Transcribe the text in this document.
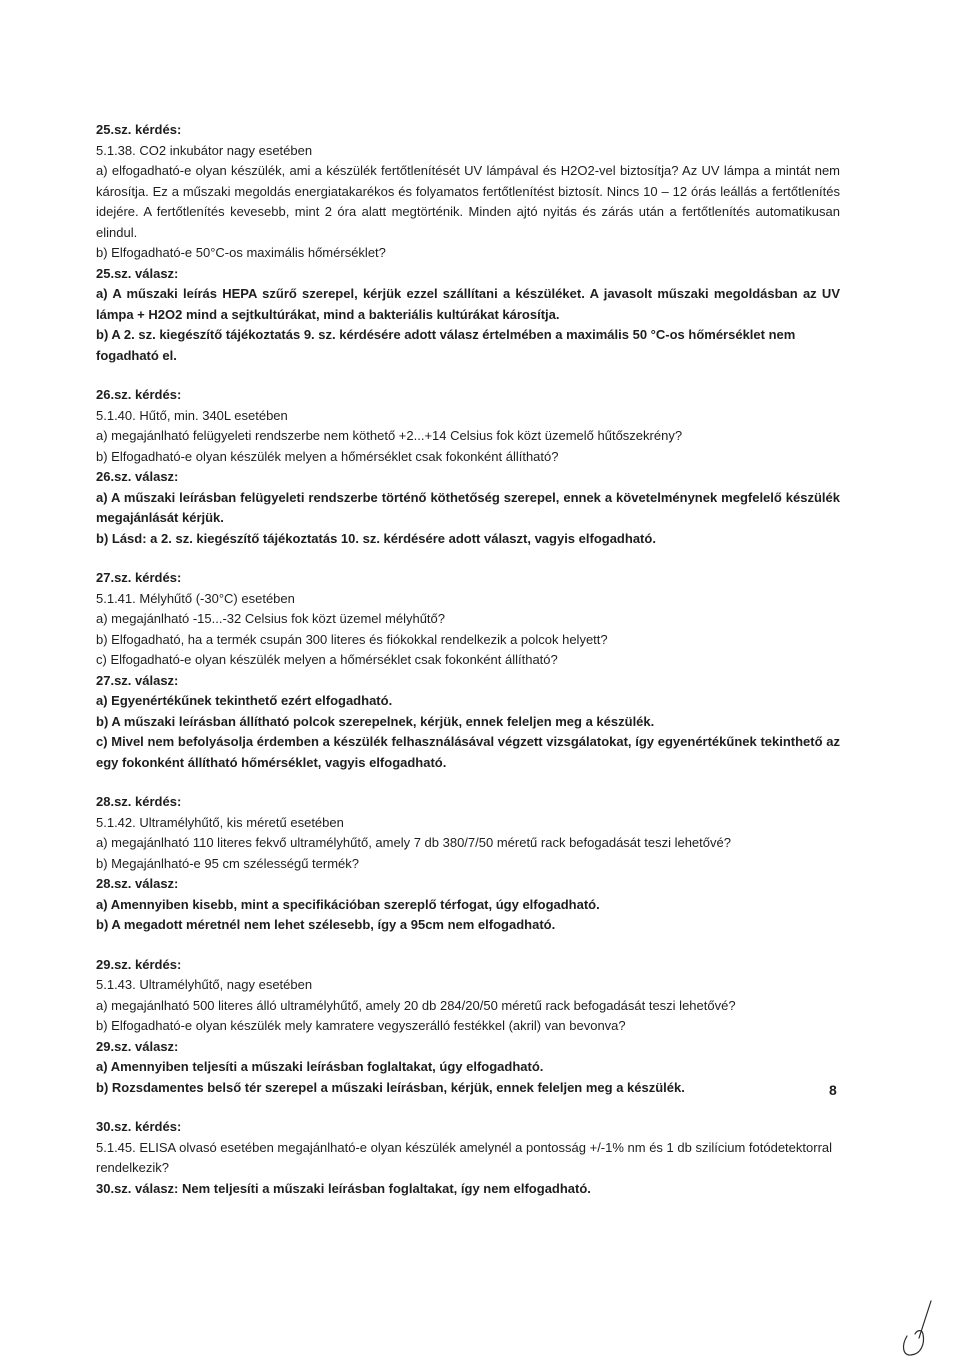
25.sz. kérdés:
5.1.38. CO2 inkubátor nagy esetében
a) elfogadható-e olyan készülék, ami a készülék fertőtlenítését UV lámpával és H2O2-vel biztosítja? Az UV lámpa a mintát nem károsítja. Ez a műszaki megoldás energiatakarékos és folyamatos fertőtlenítést biztosít. Nincs 10 – 12 órás leállás a fertőtlenítés idejére. A fertőtlenítés kevesebb, mint 2 óra alatt megtörténik. Minden ajtó nyitás és zárás után a fertőtlenítés automatikusan elindul.
b) Elfogadható-e 50°C-os maximális hőmérséklet?
25.sz. válasz:
a) A műszaki leírás HEPA szűrő szerepel, kérjük ezzel szállítani a készüléket. A javasolt műszaki megoldásban az UV lámpa + H2O2 mind a sejtkultúrákat, mind a bakteriális kultúrákat károsítja.
b) A 2. sz. kiegészítő tájékoztatás 9. sz. kérdésére adott válasz értelmében a maximális 50 °C-os hőmérséklet nem fogadható el.
26.sz. kérdés:
5.1.40. Hűtő, min. 340L esetében
a) megajánlható felügyeleti rendszerbe nem köthető +2...+14 Celsius fok közt üzemelő hűtőszekrény?
b) Elfogadható-e olyan készülék melyen a hőmérséklet csak fokonként állítható?
26.sz. válasz:
a) A műszaki leírásban felügyeleti rendszerbe történő köthetőség szerepel, ennek a követelménynek megfelelő készülék megajánlását kérjük.
b) Lásd: a 2. sz. kiegészítő tájékoztatás 10. sz. kérdésére adott választ, vagyis elfogadható.
27.sz. kérdés:
5.1.41. Mélyhűtő (-30°C) esetében
a) megajánlható -15...-32 Celsius fok közt üzemel mélyhűtő?
b) Elfogadható, ha a termék csupán 300 literes és fiókokkal rendelkezik a polcok helyett?
c) Elfogadható-e olyan készülék melyen a hőmérséklet csak fokonként állítható?
27.sz. válasz:
a) Egyenértékűnek tekinthető ezért elfogadható.
b) A műszaki leírásban állítható polcok szerepelnek, kérjük, ennek feleljen meg a készülék.
c) Mivel nem befolyásolja érdemben a készülék felhasználásával végzett vizsgálatokat, így egyenértékűnek tekinthető az egy fokonként állítható hőmérséklet, vagyis elfogadható.
28.sz. kérdés:
5.1.42. Ultramélyhűtő, kis méretű esetében
a) megajánlható 110 literes fekvő ultramélyhűtő, amely 7 db 380/7/50 méretű rack befogadását teszi lehetővé?
b) Megajánlható-e 95 cm szélességű termék?
28.sz. válasz:
a) Amennyiben kisebb, mint a specifikációban szereplő térfogat, úgy elfogadható.
b) A megadott méretnél nem lehet szélesebb, így a 95cm nem elfogadható.
29.sz. kérdés:
5.1.43. Ultramélyhűtő, nagy esetében
a) megajánlható 500 literes álló ultramélyhűtő, amely 20 db 284/20/50 méretű rack befogadását teszi lehetővé?
b) Elfogadható-e olyan készülék mely kamratere vegyszerálló festékkel (akril) van bevonva?
29.sz. válasz:
a) Amennyiben teljesíti a műszaki leírásban foglaltakat, úgy elfogadható.
b) Rozsdamentes belső tér szerepel a műszaki leírásban, kérjük, ennek feleljen meg a készülék.
30.sz. kérdés:
5.1.45. ELISA olvasó esetében megajánlható-e olyan készülék amelynél a pontosság +/-1% nm és 1 db szilícium fotódetektorral rendelkezik?
30.sz. válasz: Nem teljesíti a műszaki leírásban foglaltakat, így nem elfogadható.
8
